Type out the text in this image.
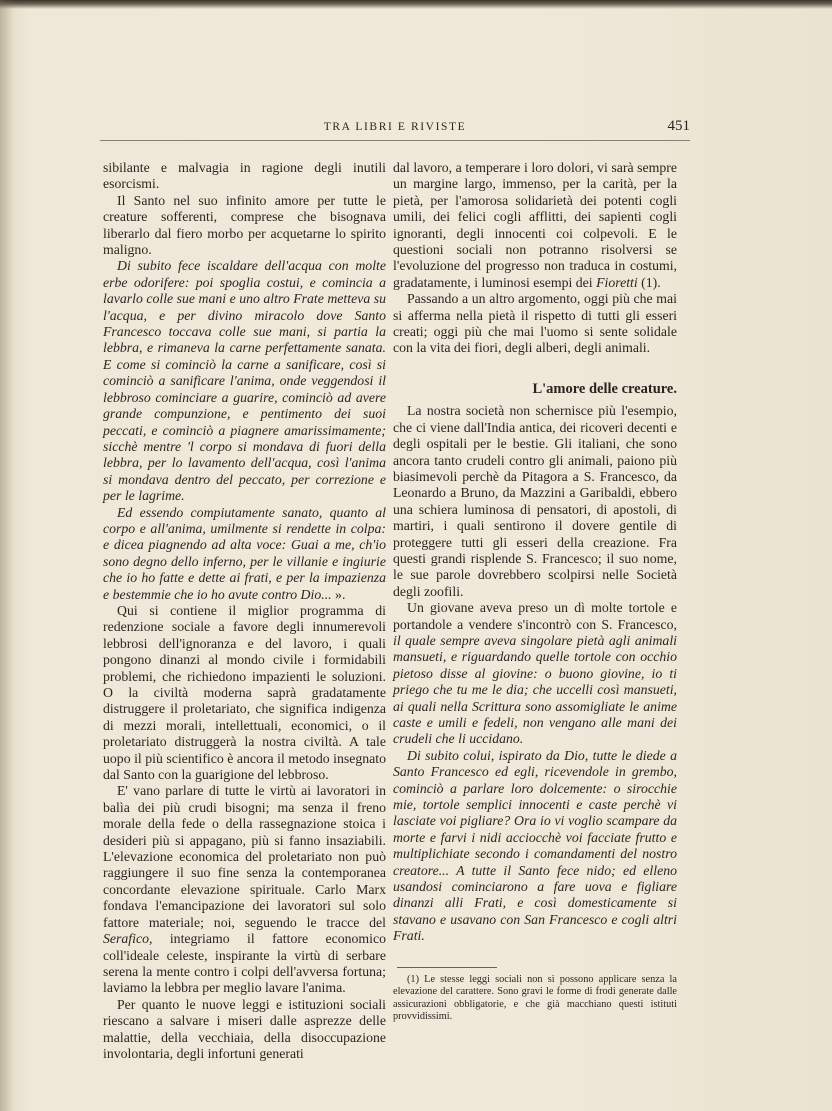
TRA LIBRI E RIVISTE	451

sibilante e malvagia in ragione degli inutili esorcismi.

Il Santo nel suo infinito amore per tutte le creature sofferenti, comprese che bisognava liberarlo dal fiero morbo per acquetarne lo spirito maligno.

Di subito fece iscaldare dell'acqua con molte erbe odorifere: poi spoglia costui, e comincia a lavarlo colle sue mani e uno altro Frate metteva su l'acqua, e per divino miracolo dove Santo Francesco toccava colle sue mani, si partia la lebbra, e rimaneva la carne perfettamente sanata. E come si cominciò la carne a sanificare, così si cominciò a sanificare l'anima, onde veggendosi il lebbroso cominciare a guarire, cominciò ad avere grande compunzione, e pentimento dei suoi peccati, e cominciò a piagnere amarissimamente; sicchè mentre 'l corpo si mondava di fuori della lebbra, per lo lavamento dell'acqua, così l'anima si mondava dentro del peccato, per correzione e per le lagrime.

Ed essendo compiutamente sanato, quanto al corpo e all'anima, umilmente si rendette in colpa: e dicea piagnendo ad alta voce: Guai a me, ch'io sono degno dello inferno, per le villanie e ingiurie che io ho fatte e dette ai frati, e per la impazienza e bestemmie che io ho avute contro Dio... ».

Qui si contiene il miglior programma di redenzione sociale a favore degli innumerevoli lebbrosi dell'ignoranza e del lavoro, i quali pongono dinanzi al mondo civile i formidabili problemi, che richiedono impazienti le soluzioni. O la civiltà moderna saprà gradatamente distruggere il proletariato, che significa indigenza di mezzi morali, intellettuali, economici, o il proletariato distruggerà la nostra civiltà. A tale uopo il più scientifico è ancora il metodo insegnato dal Santo con la guarigione del lebbroso.

E' vano parlare di tutte le virtù ai lavoratori in balìa dei più crudi bisogni; ma senza il freno morale della fede o della rassegnazione stoica i desideri più si appagano, più si fanno insaziabili. L'elevazione economica del proletariato non può raggiungere il suo fine senza la contemporanea concordante elevazione spirituale. Carlo Marx fondava l'emancipazione dei lavoratori sul solo fattore materiale; noi, seguendo le tracce del Serafico, integriamo il fattore economico coll'ideale celeste, inspirante la virtù di serbare serena la mente contro i colpi dell'avversa fortuna; laviamo la lebbra per meglio lavare l'anima.

Per quanto le nuove leggi e istituzioni sociali riescano a salvare i miseri dalle asprezze delle malattie, della vecchiaia, della disoccupazione involontaria, degli infortuni generati

dal lavoro, a temperare i loro dolori, vi sarà sempre un margine largo, immenso, per la carità, per la pietà, per l'amorosa solidarietà dei potenti cogli umili, dei felici cogli afflitti, dei sapienti cogli ignoranti, degli innocenti coi colpevoli. E le questioni sociali non potranno risolversi se l'evoluzione del progresso non traduca in costumi, gradatamente, i luminosi esempi dei Fioretti (1).

Passando a un altro argomento, oggi più che mai si afferma nella pietà il rispetto di tutti gli esseri creati; oggi più che mai l'uomo si sente solidale con la vita dei fiori, degli alberi, degli animali.

L'amore delle creature.

La nostra società non schernisce più l'esempio, che ci viene dall'India antica, dei ricoveri decenti e degli ospitali per le bestie. Gli italiani, che sono ancora tanto crudeli contro gli animali, paiono più biasimevoli perchè da Pitagora a S. Francesco, da Leonardo a Bruno, da Mazzini a Garibaldi, ebbero una schiera luminosa di pensatori, di apostoli, di martiri, i quali sentirono il dovere gentile di proteggere tutti gli esseri della creazione. Fra questi grandi risplende S. Francesco; il suo nome, le sue parole dovrebbero scolpirsi nelle Società degli zoofili.

Un giovane aveva preso un dì molte tortole e portandole a vendere s'incontrò con S. Francesco, il quale sempre aveva singolare pietà agli animali mansueti, e riguardando quelle tortole con occhio pietoso disse al giovine: o buono giovine, io ti priego che tu me le dia; che uccelli così mansueti, ai quali nella Scrittura sono assomigliate le anime caste e umili e fedeli, non vengano alle mani dei crudeli che li uccidano.

Di subito colui, ispirato da Dio, tutte le diede a Santo Francesco ed egli, ricevendole in grembo, cominciò a parlare loro dolcemente: o sirocchie mie, tortole semplici innocenti e caste perchè vi lasciate voi pigliare? Ora io vi voglio scampare da morte e farvi i nidi acciocchè voi facciate frutto e multiplichiate secondo i comandamenti del nostro creatore... A tutte il Santo fece nido; ed elleno usandosi cominciarono a fare uova e figliare dinanzi alli Frati, e così domesticamente si stavano e usavano con San Francesco e cogli altri Frati.

(1) Le stesse leggi sociali non si possono applicare senza la elevazione del carattere. Sono gravi le forme di frodi generate dalle assicurazioni obbligatorie, e che già macchiano questi istituti provvidissimi.
